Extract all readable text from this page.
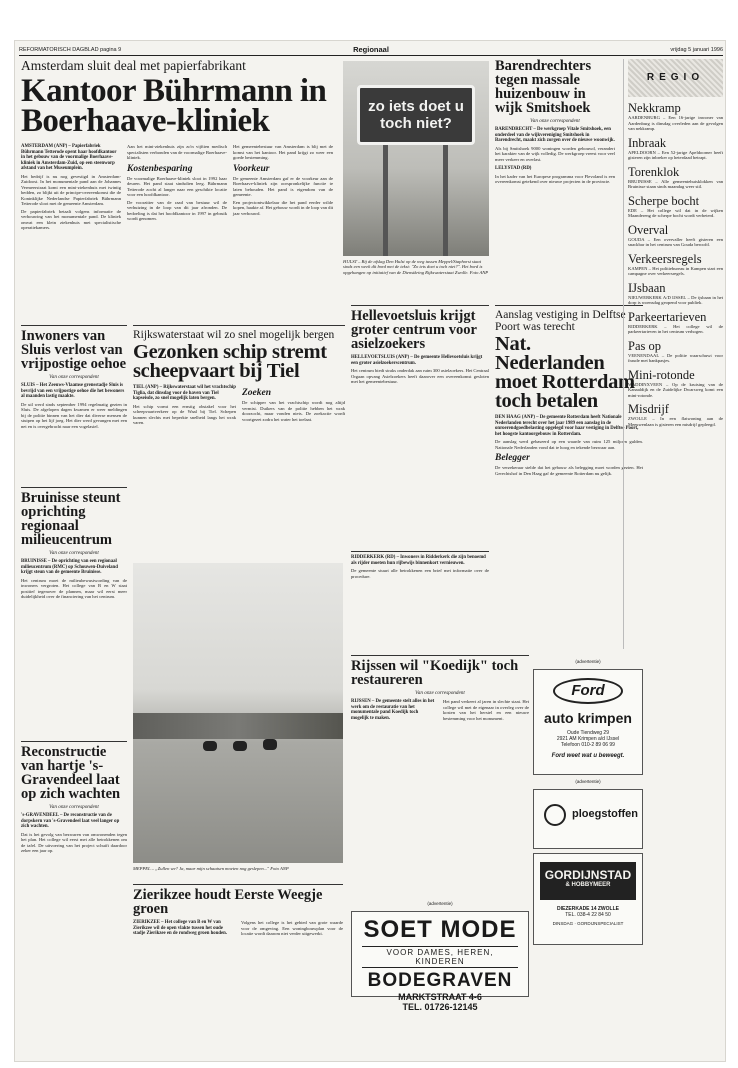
REFORMATORISCH DAGBLAD pagina 9	Regionaal	vrijdag 5 januari 1996
Amsterdam sluit deal met papierfabrikant
Kantoor Bührmann in
Boerhaave-kliniek
AMSTERDAM (ANP) – Papierfabriek Bührmann Tetterode opent haar hoofdkantoor in het gebouw van de voormalige Boerhaave-kliniek in Amsterdam-Zuid, op een steenworp afstand van het Museumplein.
Het bedrijf is nu nog gevestigd in Amsterdam-Zuidoost. In het monumentale pand aan de Johannes Vermeerstraat komt een mini-ziekenhuis met twintig bedden, zo blijkt uit de principe-overeenkomst die de Koninklijke Nederlandse Papierfabriek Bührmann Tetterode sloot met de gemeente Amsterdam.
De papierfabriek betaalt volgens informatie de verbouwing van het monumentale pand. De kliniek omvat een klein ziekenhuis met specialistische operatiekamers.
Aan het mini-ziekenhuis zijn zo'n vijftien medisch specialisten verbonden van de voormalige Boerhaave-kliniek.
Kostenbesparing
De voormalige Boerhaave-kliniek sloot in 1992 haar deuren. Het pand staat sindsdien leeg. Bührmann Tetterode zocht al langer naar een geschikte locatie voor een hoofdkantoor.
De voorzitter van de raad van bestuur wil de verhuizing in de loop van dit jaar afronden. De bedoeling is dat het hoofdkantoor in 1997 in gebruik wordt genomen.
Het gemeentebestuur van Amsterdam is blij met de komst van het kantoor. Het pand krijgt zo weer een goede bestemming.
Voorkeur
De gemeente Amsterdam gaf er de voorkeur aan de Boerhaave-kliniek zijn oorspronkelijke functie te laten behouden. Het pand is eigendom van de gemeente.
Een projectontwikkelaar die het pand eerder wilde kopen, haakte af. Het gebouw wordt in de loop van dit jaar verbouwd.
zo iets doet u
toch niet?
HULST – Bij de afslag Den Hulst op de weg tussen Meppel/Staphorst staat sinds een week dit bord met de tekst: "Zo iets doet u toch niet?". Het bord is opgehangen op initiatief van de Dienstkring Rijkswaterstaat Zwolle. Foto ANP
Inwoners van Sluis verlost van vrijpostige oehoe
Van onze correspondent
SLUIS – Het Zeeuws-Vlaamse grensstadje Sluis is bevrijd van een vrijpostige oehoe die het bewoners al maanden lastig maakte.
De uil werd sinds september 1994 regelmatig gezien in Sluis. De afgelopen dagen kwamen er weer meldingen bij de politie binnen van het dier dat diverse mensen de stuipen op het lijf joeg. Het dier werd gevangen met een net en is overgebracht naar een vogelasiel.
Bruinisse steunt oprichting regionaal milieucentrum
Van onze correspondent
BRUINISSE – De oprichting van een regionaal milieucentrum (RMC) op Schouwen-Duiveland krijgt steun van de gemeente Bruinisse.
Het centrum moet de milieubewustwording van de inwoners vergroten. Het college van B en W staat positief tegenover de plannen, maar wil eerst meer duidelijkheid over de financiering van het centrum.
Reconstructie van hartje 's-Gravendeel laat op zich wachten
Van onze correspondent
's-GRAVENDEEL – De reconstructie van de dorpskern van 's-Gravendeel laat veel langer op zich wachten.
Dat is het gevolg van bezwaren van omwonenden tegen het plan. Het college wil eerst met alle betrokkenen om de tafel. De uitvoering van het project schuift daardoor zeker een jaar op.
Rijkswaterstaat wil zo snel mogelijk bergen
Gezonken schip stremt scheepvaart bij Tiel
TIEL (ANP) – Rijkswaterstaat wil het vrachtschip Tiglia, dat dinsdag voor de haven van Tiel kapseisde, zo snel mogelijk laten bergen.
Het schip vormt een ernstig obstakel voor het scheepvaartverkeer op de Waal bij Tiel. Schepen kunnen slechts met beperkte snelheid langs het wrak varen.
Zoeken
De schipper van het vrachtschip wordt nog altijd vermist. Duikers van de politie hebben het wrak doorzocht, maar vonden niets. De zoekactie wordt voortgezet zodra het water het toelaat.
MEPPEL – „Zullen we? Ja, maar mijn schaatsen moeten nog geslepen..." Foto ANP
Zierikzee houdt Eerste Weegje groen
ZIERIKZEE – Het college van B en W van Zierikzee wil de open vlakte tussen het oude stadje Zierikzee en de rondweg groen houden.
Volgens het college is het gebied van grote waarde voor de omgeving. Een woningbouwplan voor de locatie wordt daarom niet verder uitgewerkt.
Hellevoetsluis krijgt groter centrum voor asielzoekers
HELLEVOETSLUIS (ANP) – De gemeente Hellevoetsluis krijgt een groter asielzoekerscentrum.
Het centrum biedt straks onderdak aan ruim 300 asielzoekers. Het Centraal Orgaan opvang Asielzoekers heeft daarover een overeenkomst gesloten met het gemeentebestuur.
RIDDERKERK (RD) – Inwoners in Ridderkerk die zijn benoemd als rijder moeten hun rijbewijs binnenkort vernieuwen.
De gemeente stuurt alle betrokkenen een brief met informatie over de procedure.
Aanslag vestiging in Delftse Poort was terecht
Nat. Nederlanden moet Rotterdam toch betalen
DEN HAAG (ANP) – De gemeente Rotterdam heeft Nationale Nederlanden terecht over het jaar 1989 een aanslag in de onroerendgoedbelasting opgelegd voor haar vestiging in Delftse Poort, het hoogste kantoorgebouw in Rotterdam.
De aanslag werd gebaseerd op een waarde van ruim 125 miljoen gulden. Nationale Nederlanden vond dat te hoog en tekende bezwaar aan.
Belegger
De verzekeraar stelde dat het gebouw als belegging moet worden gezien. Het Gerechtshof in Den Haag gaf de gemeente Rotterdam nu gelijk.
Rijssen wil "Koedijk" toch restaureren
Van onze correspondent
RIJSSEN – De gemeente stelt alles in het werk om de restauratie van het monumentale pand Koedijk toch mogelijk te maken.
Het pand verkeert al jaren in slechte staat. Het college wil met de eigenaar in overleg over de kosten van het herstel en een nieuwe bestemming voor het monument.
(advertentie)
Ford
auto krimpen
Oude Tiendweg 29
2921 AM Krimpen a/d IJssel
Telefoon 010-2 89 06 99
Ford weet wat u beweegt.
(advertentie)
ploegstoffen
GORDIJNSTAD
& HOBBYMEER
DIEZERKADE 14 ZWOLLE
TEL. 038-4 22 84 50
DINSDAG · GORDIJNSPECIALIST
(advertentie)
SOET MODE
VOOR DAMES, HEREN, KINDEREN
BODEGRAVEN
MARKTSTRAAT 4-6
TEL. 01726-12145
Barendrechters tegen massale huizenbouw in wijk Smitshoek
Van onze correspondent
BARENDRECHT – De werkgroep Vitale Smitshoek, een onderdeel van de wijkvereniging Smitshoek in Barendrecht, maakt zich zorgen over de nieuwe woonwijk.
Als bij Smitshoek 9000 woningen worden gebouwd, verandert het karakter van de wijk volledig. De werkgroep vreest voor veel meer verkeer en overlast.
LELYSTAD (RD)
In het kader van het Europese programma voor Flevoland is een overeenkomst getekend over nieuwe projecten in de provincie.
REGIO
Nekkramp
AARDENBURG – Een 16-jarige inwoner van Aardenburg is dinsdag overleden aan de gevolgen van nekkramp.
Inbraak
APELDOORN – Een 52-jarige Apeldoorner heeft gisteren zijn inbreker op heterdaad betrapt.
Torenklok
BRUINISSE – Alle gemeentehuisklokken van Bruinisse staan sinds maandag weer stil.
Scherpe bocht
EDE – Het college wil dat in de wijken Maandereng de scherpe bocht wordt verbeterd.
Overval
GOUDA – Een overvaller heeft gisteren een snackbar in het centrum van Gouda beroofd.
Verkeersregels
KAMPEN – Het politiebureau in Kampen start een campagne over verkeersregels.
IJsbaan
NIEUWERKERK A/D IJSSEL – De ijsbaan in het dorp is woensdag geopend voor publiek.
Parkeertarieven
RIDDERKERK – Het college wil de parkeertarieven in het centrum verhogen.
Pas op
VEENENDAAL – De politie waarschuwt voor fraude met bankpasjes.
Mini-rotonde
WADDINXVEEN – Op de kruising van de Kanaaldijk en de Zuidelijke Dwarsweg komt een mini-rotonde.
Misdrijf
ZWOLLE – In een flatwoning aan de Meeuwenlaan is gisteren een misdrijf gepleegd.
